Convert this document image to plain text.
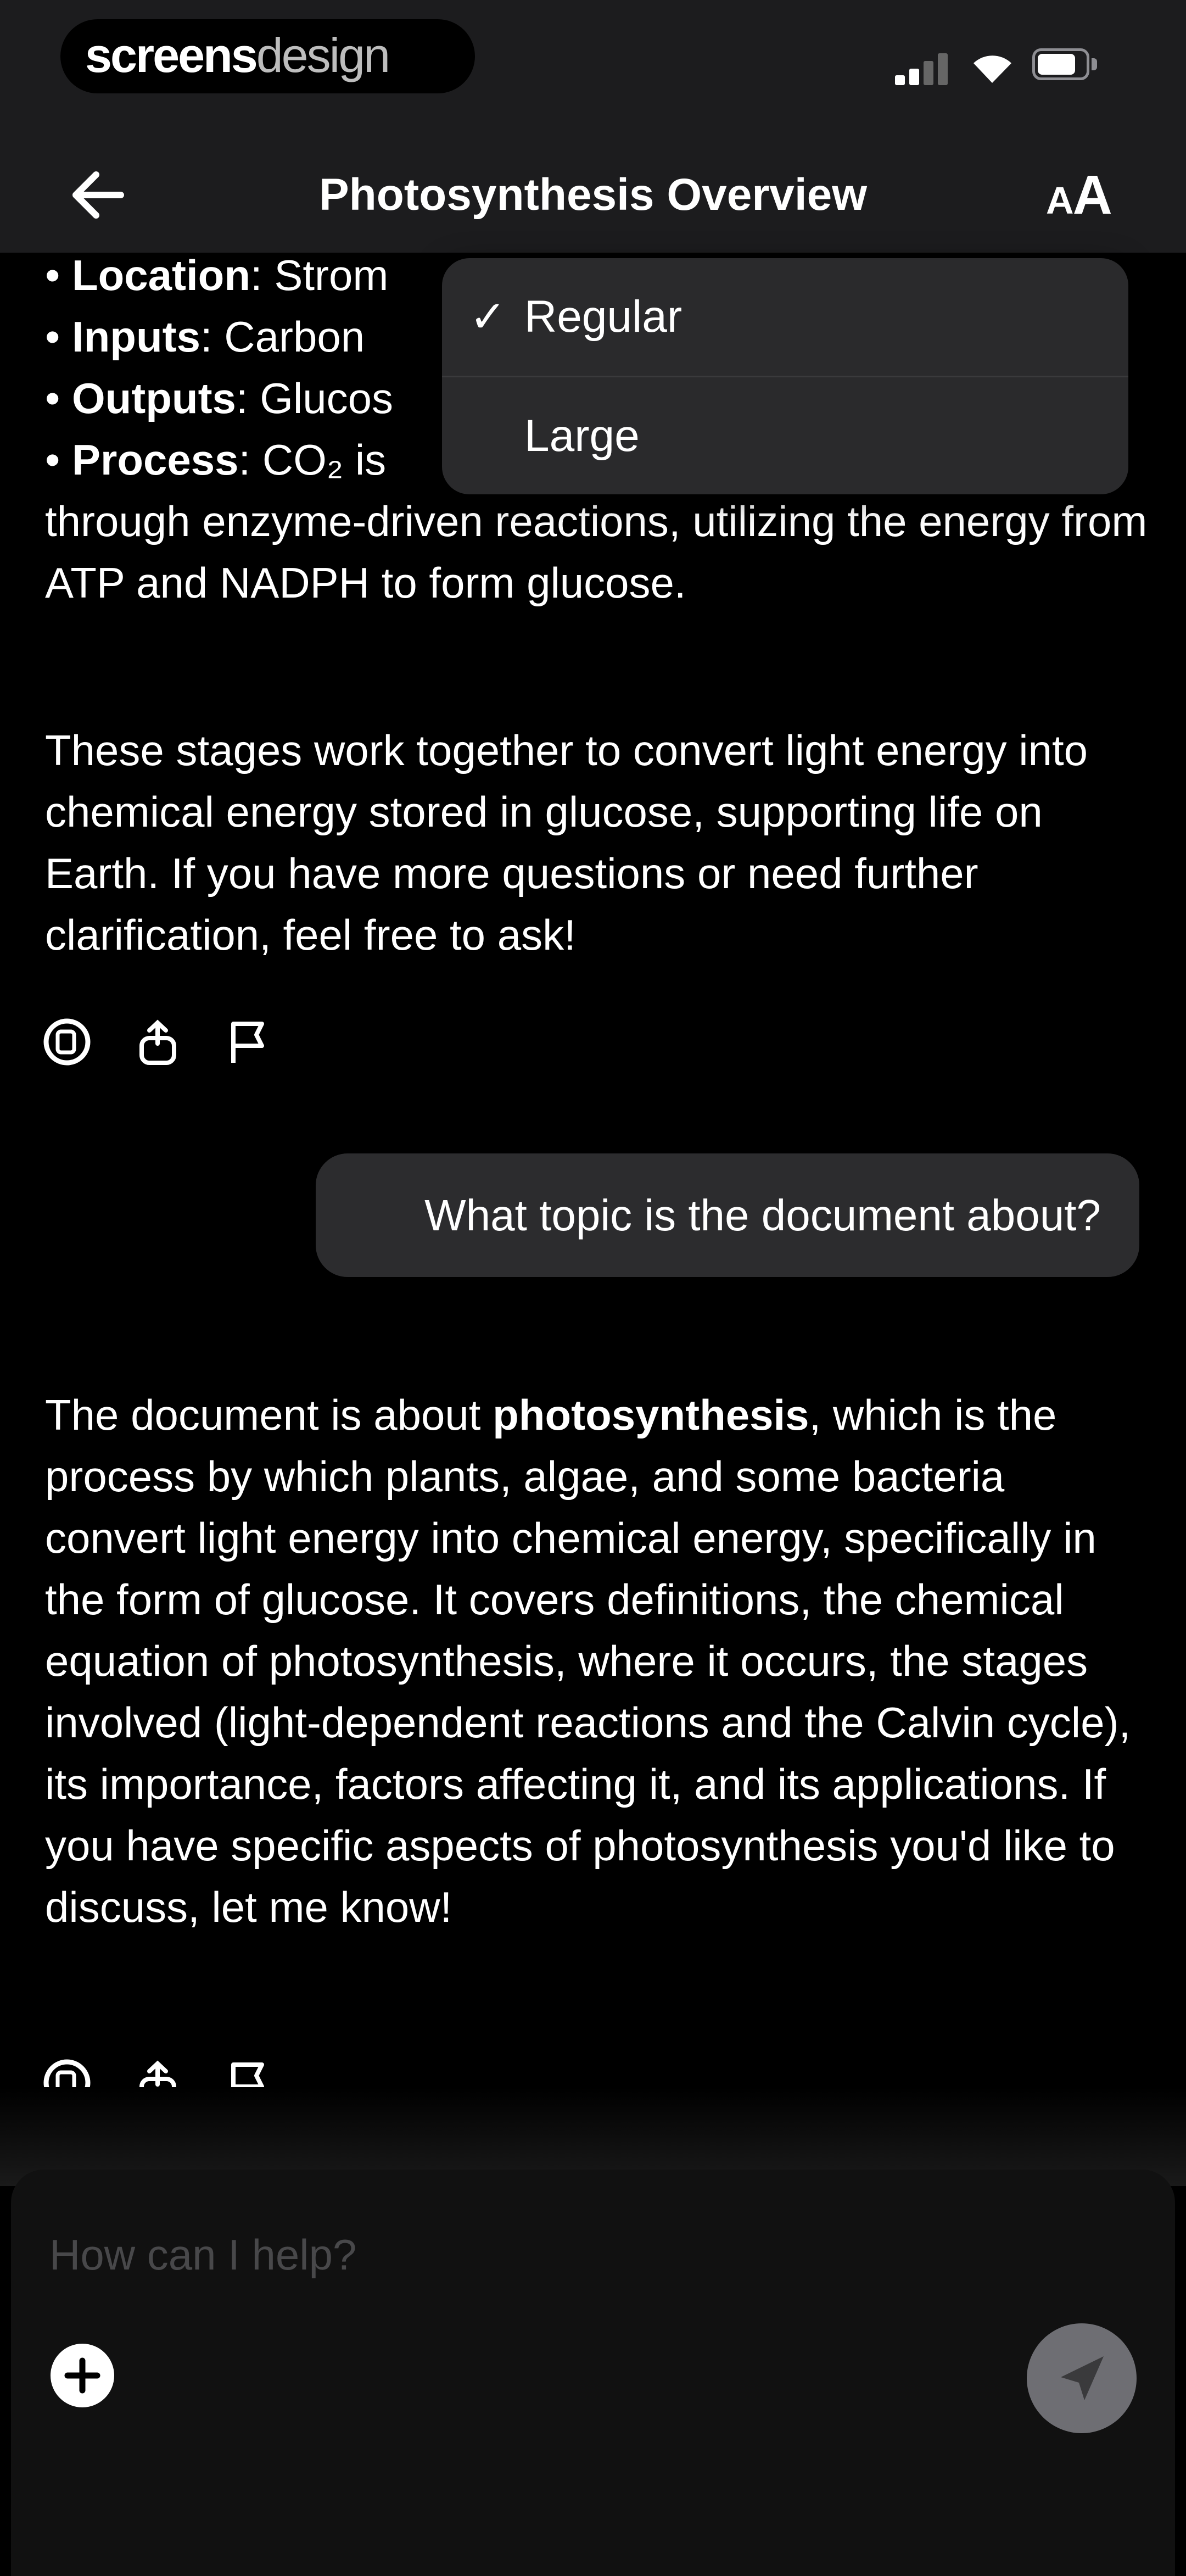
screensdesign
Photosynthesis Overview	AA
• Location: Strom
• Inputs: Carbon
• Outputs: Glucos
• Process: CO₂ is

through enzyme-driven reactions, utilizing the energy from ATP and NADPH to form glucose.

These stages work together to convert light energy into chemical energy stored in glucose, supporting life on Earth. If you have more questions or need further clarification, feel free to ask!
What topic is the document about?
The document is about photosynthesis, which is the process by which plants, algae, and some bacteria convert light energy into chemical energy, specifically in the form of glucose. It covers definitions, the chemical equation of photosynthesis, where it occurs, the stages involved (light-dependent reactions and the Calvin cycle), its importance, factors affecting it, and its applications. If you have specific aspects of photosynthesis you'd like to discuss, let me know!
✓ Regular
Large
How can I help?
